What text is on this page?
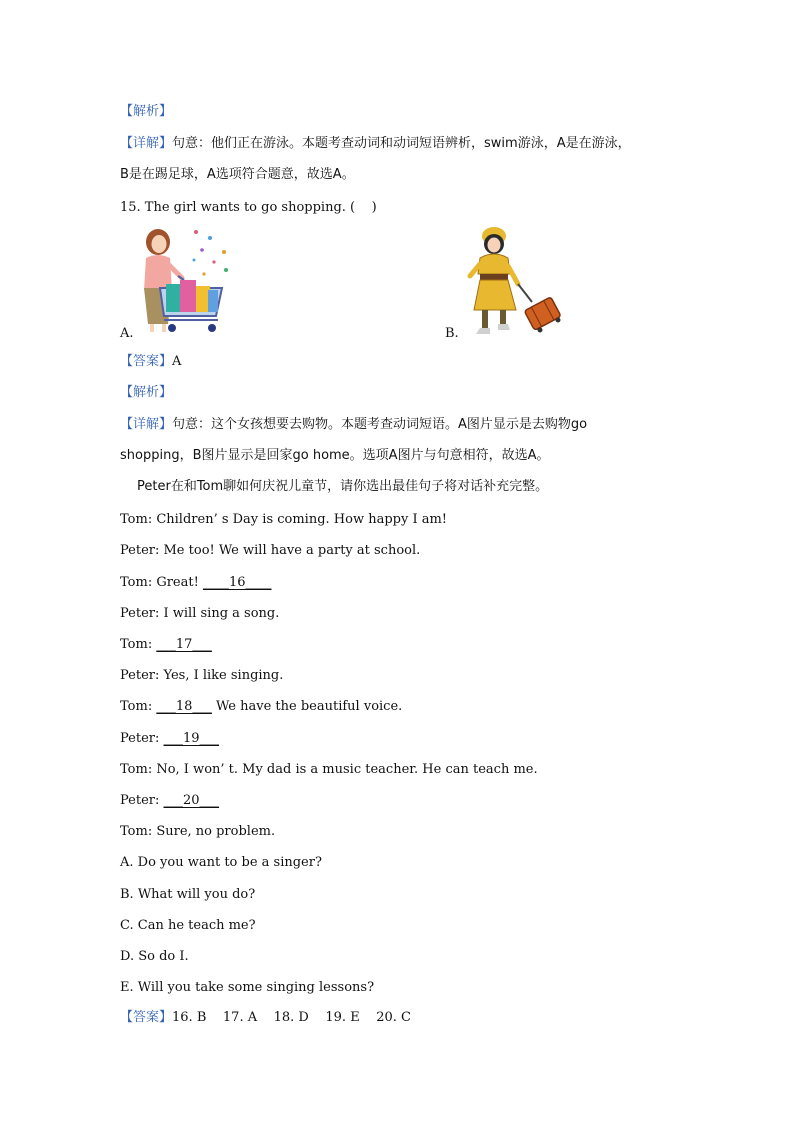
【解析】
【详解】句意：他们正在游泳。本题考查动词和动词短语辨析，swim游泳，A是在游泳，
B是在踢足球，A选项符合题意，故选A。
15. The girl wants to go shopping. (    )
A.	B.
【答案】A
【解析】
【详解】句意：这个女孩想要去购物。本题考查动词短语。A图片显示是去购物go
shopping，B图片显示是回家go home。选项A图片与句意相符，故选A。
Peter在和Tom聊如何庆祝儿童节，请你选出最佳句子将对话补充完整。
Tom: Children’ s Day is coming. How happy I am!
Peter: Me too! We will have a party at school.
Tom: Great! ____16____
Peter: I will sing a song.
Tom: ___17___
Peter: Yes, I like singing.
Tom: ___18___ We have the beautiful voice.
Peter: ___19___
Tom: No, I won’ t. My dad is a music teacher. He can teach me.
Peter: ___20___
Tom: Sure, no problem.
A. Do you want to be a singer?
B. What will you do?
C. Can he teach me?
D. So do I.
E. Will you take some singing lessons?
【答案】16. B    17. A    18. D    19. E    20. C
